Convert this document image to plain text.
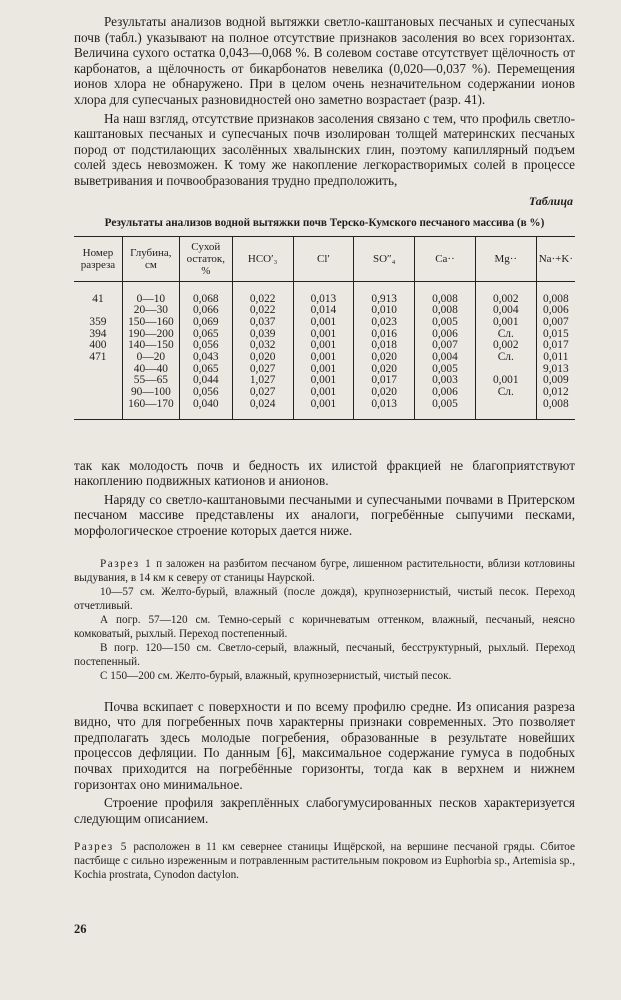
Результаты анализов водной вытяжки светло-каштановых песчаных и супесчаных почв (табл.) указывают на полное отсутствие признаков засоления во всех горизонтах. Величина сухого остатка 0,043—0,068 %. В солевом составе отсутствует щёлочность от карбонатов, а щёлочность от бикарбонатов невелика (0,020—0,037 %). Перемещения ионов хлора не обнаружено. При в целом очень незначительном содержании ионов хлора для супесчаных разновидностей оно заметно возрастает (разр. 41).

На наш взгляд, отсутствие признаков засоления связано с тем, что профиль светло-каштановых песчаных и супесчаных почв изолирован толщей материнских песчаных пород от подстилающих засолённых хвалынских глин, поэтому капиллярный подъем солей здесь невозможен. К тому же накопление легкорастворимых солей в процессе выветривания и почвообразования трудно предположить,

Таблица
Результаты анализов водной вытяжки почв Терско-Кумского песчаного массива (в %)
Номер разреза	Глубина, см	Сухой остаток, %	HCO′₃	Cl′	SO″₄	Ca··	Mg··	Na·+K·

41	0—10	0,068	0,022	0,013	0,913	0,008	0,002	0,008
	20—30	0,066	0,022	0,014	0,010	0,008	0,004	0,006
359	150—160	0,069	0,037	0,001	0,023	0,005	0,001	0,007
394	190—200	0,065	0,039	0,001	0,016	0,006	Сл.	0,015
400	140—150	0,056	0,032	0,001	0,018	0,007	0,002	0,017
471	0—20	0,043	0,020	0,001	0,020	0,004	Сл.	0,011
	40—40	0,065	0,027	0,001	0,020	0,005		9,013
	55—65	0,044	1,027	0,001	0,017	0,003	0,001	0,009
	90—100	0,056	0,027	0,001	0,020	0,006	Сл.	0,012
	160—170	0,040	0,024	0,001	0,013	0,005		0,008

так как молодость почв и бедность их илистой фракцией не благоприятствуют накоплению подвижных катионов и анионов.

Наряду со светло-каштановыми песчаными и супесчаными почвами в Притерском песчаном массиве представлены их аналоги, погребённые сыпучими песками, морфологическое строение которых дается ниже.

Разрез 1 п заложен на разбитом песчаном бугре, лишенном растительности, вблизи котловины выдувания, в 14 км к северу от станицы Наурской.

10—57 см. Желто-бурый, влажный (после дождя), крупнозернистый, чистый песок. Переход отчетливый.

А погр. 57—120 см. Темно-серый с коричневатым оттенком, влажный, песчаный, неясно комковатый, рыхлый. Переход постепенный.

В погр. 120—150 см. Светло-серый, влажный, песчаный, бесструктурный, рыхлый. Переход постепенный.

С 150—200 см. Желто-бурый, влажный, крупнозернистый, чистый песок.

Почва вскипает с поверхности и по всему профилю средне. Из описания разреза видно, что для погребенных почв характерны признаки современных. Это позволяет предполагать здесь молодые погребения, образованные в результате новейших процессов дефляции. По данным [6], максимальное содержание гумуса в подобных почвах приходится на погребённые горизонты, тогда как в верхнем и нижнем горизонтах оно минимальное.

Строение профиля закреплённых слабогумусированных песков характеризуется следующим описанием.

Разрез 5 расположен в 11 км севернее станицы Ищёрской, на вершине песчаной гряды. Сбитое пастбище с сильно изреженным и потравленным растительным покровом из Euphorbia sp., Artemisia sp., Kochia prostrata, Cynodon dactylon.

26
